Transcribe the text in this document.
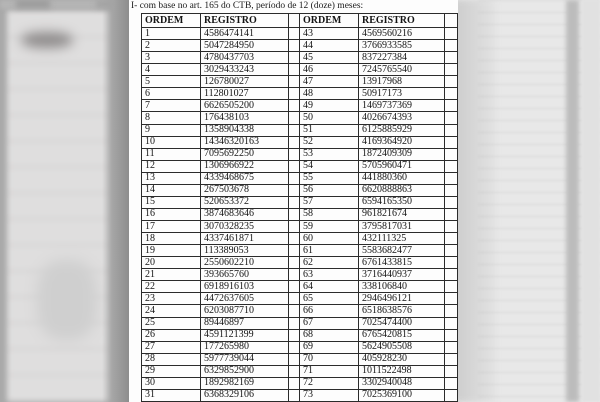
I- com base no art. 165 do CTB, período de 12 (doze) meses:
ORDEM	REGISTRO		ORDEM	REGISTRO	
1	4586474141		43	4569560216	
2	5047284950		44	3766933585	
3	4780437703		45	837227384	
4	3029433243		46	7245765540	
5	126780027		47	13917968	
6	112801027		48	50917173	
7	6626505200		49	1469737369	
8	176438103		50	4026674393	
9	1358904338		51	6125885929	
10	14346320163		52	4169364920	
11	7095692250		53	1872409309	
12	1306966922		54	5705960471	
13	4339468675		55	441880360	
14	267503678		56	6620888863	
15	520653372		57	6594165350	
16	3874683646		58	961821674	
17	3070328235		59	3795817031	
18	4337461871		60	432111325	
19	113389053		61	5583682477	
20	2550602210		62	6761433815	
21	393665760		63	3716440937	
22	6918916103		64	338106840	
23	4472637605		65	2946496121	
24	6203087710		66	6518638576	
25	89446897		67	7025474400	
26	4591121399		68	6765420815	
27	177265980		69	5624905508	
28	5977739044		70	405928230	
29	6329852900		71	1011522498	
30	1892982169		72	3302940048	
31	6368329106		73	7025369100	
